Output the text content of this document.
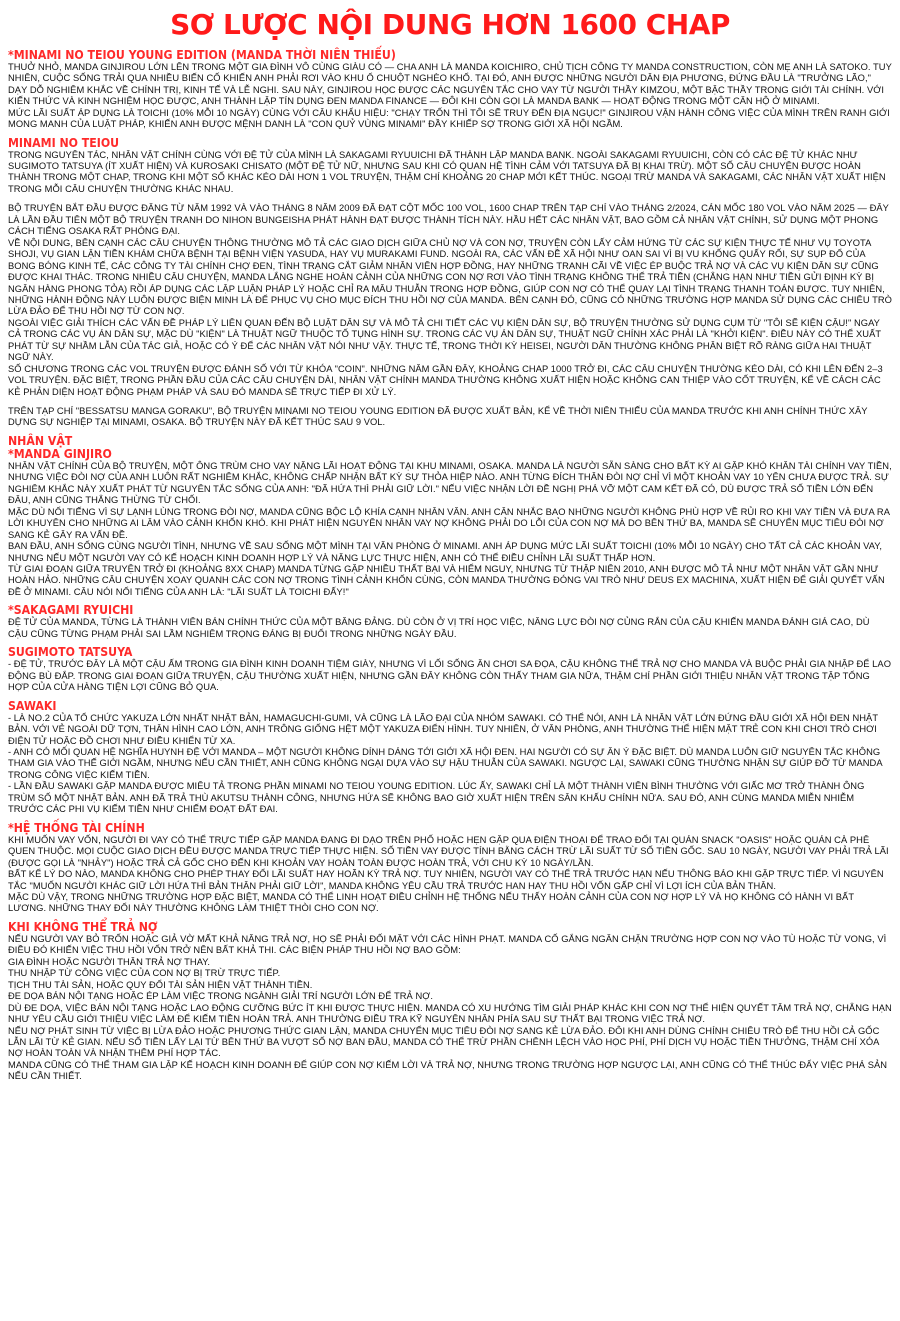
SƠ LƯỢC NỘI DUNG HƠN 1600 CHAP
*MINAMI NO TEIOU YOUNG EDITION (MANDA THỜI NIÊN THIẾU)

THUỞ NHỎ, MANDA GINJIROU LỚN LÊN TRONG MỘT GIA ĐÌNH VÔ CÙNG GIÀU CÓ — CHA ANH LÀ MANDA KOICHIRO, CHỦ TỊCH CÔNG TY MANDA CONSTRUCTION, CÒN MẸ ANH LÀ SATOKO. TUY NHIÊN, CUỘC SỐNG TRẢI QUA NHIỀU BIẾN CỐ KHIẾN ANH PHẢI RƠI VÀO KHU Ổ CHUỘT NGHÈO KHỔ. TẠI ĐÓ, ANH ĐƯỢC NHỮNG NGƯỜI DÂN ĐỊA PHƯƠNG, ĐỨNG ĐẦU LÀ "TRƯỞNG LÃO," DẠY DỖ NGHIÊM KHẮC VỀ CHÍNH TRỊ, KINH TẾ VÀ LỄ NGHI. SAU NÀY, GINJIROU HỌC ĐƯỢC CÁC NGUYÊN TẮC CHO VAY TỪ NGƯỜI THẦY KIMZOU, MỘT BẬC THẦY TRONG GIỚI TÀI CHÍNH. VỚI KIẾN THỨC VÀ KINH NGHIỆM HỌC ĐƯỢC, ANH THÀNH LẬP TÍN DỤNG ĐEN MANDA FINANCE — ĐÔI KHI CÒN GỌI LÀ MANDA BANK — HOẠT ĐỘNG TRONG MỘT CĂN HỘ Ở MINAMI.

MỨC LÃI SUẤT ÁP DỤNG LÀ TOICHI (10% MỖI 10 NGÀY) CÙNG VỚI CÂU KHẨU HIỆU: "CHẠY TRỐN THÌ TÔI SẼ TRUY ĐẾN ĐỊA NGỤC!" GINJIROU VẬN HÀNH CÔNG VIỆC CỦA MÌNH TRÊN RANH GIỚI MONG MANH CỦA LUẬT PHÁP, KHIẾN ANH ĐƯỢC MỆNH DANH LÀ "CON QUỶ VÙNG MINAMI" ĐẦY KHIẾP SỢ TRONG GIỚI XÃ HỘI NGẦM.

MINAMI NO TEIOU

TRONG NGUYÊN TÁC, NHÂN VẬT CHÍNH CÙNG VỚI ĐỆ TỬ CỦA MÌNH LÀ SAKAGAMI RYUUICHI ĐÃ THÀNH LẬP MANDA BANK. NGOÀI SAKAGAMI RYUUICHI, CÒN CÓ CÁC ĐỆ TỬ KHÁC NHƯ SUGIMOTO TATSUYA (ÍT XUẤT HIỆN) VÀ KUROSAKI CHISATO (MỘT ĐỆ TỬ NỮ, NHƯNG SAU KHI CÓ QUAN HỆ TÌNH CẢM VỚI TATSUYA ĐÃ BỊ KHAI TRỪ). MỘT SỐ CÂU CHUYỆN ĐƯỢC HOÀN THÀNH TRONG MỘT CHAP, TRONG KHI MỘT SỐ KHÁC KÉO DÀI HƠN 1 VOL TRUYỆN, THẬM CHÍ KHOẢNG 20 CHAP MỚI KẾT THÚC. NGOẠI TRỪ MANDA VÀ SAKAGAMI, CÁC NHÂN VẬT XUẤT HIỆN TRONG MỖI CÂU CHUYỆN THƯỜNG KHÁC NHAU.

BỘ TRUYỆN BẮT ĐẦU ĐƯỢC ĐĂNG TỪ NĂM 1992 VÀ VÀO THÁNG 8 NĂM 2009 ĐÃ ĐẠT CỘT MỐC 100 VOL, 1600 CHAP TRÊN TẠP CHÍ VÀO THÁNG 2/2024, CÁN MỐC 180 VOL VÀO NĂM 2025 — ĐÂY LÀ LẦN ĐẦU TIÊN MỘT BỘ TRUYỆN TRANH DO NIHON BUNGEISHA PHÁT HÀNH ĐẠT ĐƯỢC THÀNH TÍCH NÀY. HẦU HẾT CÁC NHÂN VẬT, BAO GỒM CẢ NHÂN VẬT CHÍNH, SỬ DỤNG MỘT PHONG CÁCH TIẾNG OSAKA RẤT PHÓNG ĐẠI.

VỀ NỘI DUNG, BÊN CẠNH CÁC CÂU CHUYỆN THÔNG THƯỜNG MÔ TẢ CÁC GIAO DỊCH GIỮA CHỦ NỢ VÀ CON NỢ, TRUYỆN CÒN LẤY CẢM HỨNG TỪ CÁC SỰ KIỆN THỰC TẾ NHƯ VỤ TOYOTA SHOJI, VỤ GIAN LẬN TIỀN KHÁM CHỮA BỆNH TẠI BỆNH VIỆN YASUDA, HAY VỤ MURAKAMI FUND. NGOÀI RA, CÁC VẤN ĐỀ XÃ HỘI NHƯ OAN SAI VÌ BỊ VU KHỐNG QUẤY RỐI, SỰ SỤP ĐỔ CỦA BONG BÓNG KINH TẾ, CÁC CÔNG TY TÀI CHÍNH CHỢ ĐEN, TÌNH TRẠNG CẮT GIẢM NHÂN VIÊN HỢP ĐỒNG, HAY NHỮNG TRANH CÃI VỀ VIỆC ÉP BUỘC TRẢ NỢ VÀ CÁC VỤ KIỆN DÂN SỰ CŨNG ĐƯỢC KHAI THÁC. TRONG NHIỀU CÂU CHUYỆN, MANDA LẮNG NGHE HOÀN CẢNH CỦA NHỮNG CON NỢ RƠI VÀO TÌNH TRẠNG KHÔNG THỂ TRẢ TIỀN (CHẲNG HẠN NHƯ TIỀN GỬI ĐỊNH KỲ BỊ NGÂN HÀNG PHONG TỎA) RỒI ÁP DỤNG CÁC LẬP LUẬN PHÁP LÝ HOẶC CHỈ RA MÂU THUẪN TRONG HỢP ĐỒNG, GIÚP CON NỢ CÓ THỂ QUAY LẠI TÌNH TRẠNG THANH TOÁN ĐƯỢC. TUY NHIÊN, NHỮNG HÀNH ĐỘNG NÀY LUÔN ĐƯỢC BIỆN MINH LÀ ĐỂ PHỤC VỤ CHO MỤC ĐÍCH THU HỒI NỢ CỦA MANDA. BÊN CẠNH ĐÓ, CŨNG CÓ NHỮNG TRƯỜNG HỢP MANDA SỬ DỤNG CÁC CHIÊU TRÒ LỪA ĐẢO ĐỂ THU HỒI NỢ TỪ CON NỢ.

NGOÀI VIỆC GIẢI THÍCH CÁC VẤN ĐỀ PHÁP LÝ LIÊN QUAN ĐẾN BỘ LUẬT DÂN SỰ VÀ MÔ TẢ CHI TIẾT CÁC VỤ KIỆN DÂN SỰ, BỘ TRUYỆN THƯỜNG SỬ DỤNG CỤM TỪ "TÔI SẼ KIỆN CẬU!" NGAY CẢ TRONG CÁC VỤ ÁN DÂN SỰ, MẶC DÙ "KIỆN" LÀ THUẬT NGỮ THUỘC TỐ TỤNG HÌNH SỰ. TRONG CÁC VỤ ÁN DÂN SỰ, THUẬT NGỮ CHÍNH XÁC PHẢI LÀ "KHỞI KIỆN". ĐIỀU NÀY CÓ THỂ XUẤT PHÁT TỪ SỰ NHẦM LẪN CỦA TÁC GIẢ, HOẶC CÓ Ý ĐỂ CÁC NHÂN VẬT NÓI NHƯ VẬY. THỰC TẾ, TRONG THỜI KỲ HEISEI, NGƯỜI DÂN THƯỜNG KHÔNG PHÂN BIỆT RÕ RÀNG GIỮA HAI THUẬT NGỮ NÀY.

SỐ CHƯƠNG TRONG CÁC VOL TRUYỆN ĐƯỢC ĐÁNH SỐ VỚI TỪ KHÓA "COIN". NHỮNG NĂM GẦN ĐÂY, KHOẢNG CHAP 1000 TRỞ ĐI, CÁC CÂU CHUYỆN THƯỜNG KÉO DÀI, CÓ KHI LÊN ĐẾN 2–3 VOL TRUYỆN. ĐẶC BIỆT, TRONG PHẦN ĐẦU CỦA CÁC CÂU CHUYỆN DÀI, NHÂN VẬT CHÍNH MANDA THƯỜNG KHÔNG XUẤT HIỆN HOẶC KHÔNG CAN THIỆP VÀO CỐT TRUYỆN, KỂ VỀ CÁCH CÁC KẺ PHẢN DIỆN HOẠT ĐỘNG PHẠM PHÁP VÀ SAU ĐÓ MANDA SẼ TRỰC TIẾP ĐI XỬ LÝ.

TRÊN TẠP CHÍ "BESSATSU MANGA GORAKU", BỘ TRUYỆN MINAMI NO TEIOU YOUNG EDITION ĐÃ ĐƯỢC XUẤT BẢN, KỂ VỀ THỜI NIÊN THIẾU CỦA MANDA TRƯỚC KHI ANH CHÍNH THỨC XÂY DỰNG SỰ NGHIỆP TẠI MINAMI, OSAKA. BỘ TRUYỆN NÀY ĐÃ KẾT THÚC SAU 9 VOL.

NHÂN VẬT
*MANDA GINJIRO

NHÂN VẬT CHÍNH CỦA BỘ TRUYỆN, MỘT ÔNG TRÙM CHO VAY NẶNG LÃI HOẠT ĐỘNG TẠI KHU MINAMI, OSAKA. MANDA LÀ NGƯỜI SẴN SÀNG CHO BẤT KỲ AI GẶP KHÓ KHĂN TÀI CHÍNH VAY TIỀN, NHƯNG VIỆC ĐÒI NỢ CỦA ANH LUÔN RẤT NGHIÊM KHẮC, KHÔNG CHẤP NHẬN BẤT KỲ SỰ THỎA HIỆP NÀO. ANH TỪNG ĐÍCH THÂN ĐÒI NỢ CHỈ VÌ MỘT KHOẢN VAY 10 YÊN CHƯA ĐƯỢC TRẢ. SỰ NGHIÊM KHẮC NÀY XUẤT PHÁT TỪ NGUYÊN TẮC SỐNG CỦA ANH: "ĐÃ HỨA THÌ PHẢI GIỮ LỜI." NẾU VIỆC NHẬN LỜI ĐỀ NGHỊ PHÁ VỠ MỘT CAM KẾT ĐÃ CÓ, DÙ ĐƯỢC TRẢ SỐ TIỀN LỚN ĐẾN ĐÂU, ANH CŨNG THẲNG THỪNG TỪ CHỐI.

MẶC DÙ NỔI TIẾNG VÌ SỰ LẠNH LÙNG TRONG ĐÒI NỢ, MANDA CŨNG BỘC LỘ KHÍA CẠNH NHÂN VĂN. ANH CÂN NHẮC BAO NHỮNG NGƯỜI KHÔNG PHÙ HỢP VỀ RỦI RO KHI VAY TIỀN VÀ ĐƯA RA LỜI KHUYÊN CHO NHỮNG AI LÂM VÀO CẢNH KHỐN KHÓ. KHI PHÁT HIỆN NGUYÊN NHÂN VAY NỢ KHÔNG PHẢI DO LỖI CỦA CON NỢ MÀ DO BÊN THỨ BA, MANDA SẼ CHUYỂN MỤC TIÊU ĐÒI NỢ SANG KẺ GÂY RA VẤN ĐỀ.

BAN ĐẦU, ANH SỐNG CÙNG NGƯỜI TÌNH, NHƯNG VỀ SAU SỐNG MỘT MÌNH TẠI VĂN PHÒNG Ở MINAMI. ANH ÁP DỤNG MỨC LÃI SUẤT TOICHI (10% MỖI 10 NGÀY) CHO TẤT CẢ CÁC KHOẢN VAY, NHƯNG NẾU MỘT NGƯỜI VAY CÓ KẾ HOẠCH KINH DOANH HỢP LÝ VÀ NĂNG LỰC THỰC HIỆN, ANH CÓ THỂ ĐIỀU CHỈNH LÃI SUẤT THẤP HƠN.

TỪ GIAI ĐOẠN GIỮA TRUYỆN TRỞ ĐI (KHOẢNG 8XX CHAP) MANDA TỪNG GẶP NHIỀU THẤT BẠI VÀ HIỂM NGUY, NHƯNG TỪ THẬP NIÊN 2010, ANH ĐƯỢC MÔ TẢ NHƯ MỘT NHÂN VẬT GẦN NHƯ HOÀN HẢO. NHỮNG CÂU CHUYỆN XOAY QUANH CÁC CON NỢ TRONG TÌNH CẢNH KHỐN CÙNG, CÒN MANDA THƯỜNG ĐÓNG VAI TRÒ NHƯ DEUS EX MACHINA, XUẤT HIỆN ĐỂ GIẢI QUYẾT VẤN ĐỀ Ở MINAMI. CÂU NÓI NỔI TIẾNG CỦA ANH LÀ: "LÃI SUẤT LÀ TOICHI ĐẤY!"

*SAKAGAMI RYUICHI

ĐỆ TỬ CỦA MANDA, TỪNG LÀ THÀNH VIÊN BÁN CHÍNH THỨC CỦA MỘT BĂNG ĐẢNG. DÙ CÒN Ở VỊ TRÍ HỌC VIỆC, NĂNG LỰC ĐÒI NỢ CỦNG RẮN CỦA CẬU KHIẾN MANDA ĐÁNH GIÁ CAO, DÙ CẬU CŨNG TỪNG PHẠM PHẢI SAI LẦM NGHIÊM TRỌNG ĐÁNG BỊ ĐUỔI TRONG NHỮNG NGÀY ĐẦU.

SUGIMOTO TATSUYA

- ĐỆ TỬ, TRƯỚC ĐÂY LÀ MỘT CẬU ẤM TRONG GIA ĐÌNH KINH DOANH TIỆM GIÀY, NHƯNG VÌ LỐI SỐNG ĂN CHƠI SA ĐỌA, CẬU KHÔNG THỂ TRẢ NỢ CHO MANDA VÀ BUỘC PHẢI GIA NHẬP ĐỂ LAO ĐỘNG BÙ ĐẮP. TRONG GIAI ĐOẠN GIỮA TRUYỆN, CẬU THƯỜNG XUẤT HIỆN, NHƯNG GẦN ĐÂY KHÔNG CÒN THẤY THAM GIA NỮA, THẬM CHÍ PHẦN GIỚI THIỆU NHÂN VẬT TRONG TẬP TỔNG HỢP CỦA CỬA HÀNG TIỆN LỢI CŨNG BỎ QUA.

SAWAKI

- LÀ NO.2 CỦA TỔ CHỨC YAKUZA LỚN NHẤT NHẬT BẢN, HAMAGUCHI-GUMI, VÀ CŨNG LÀ LÃO ĐẠI CỦA NHÓM SAWAKI. CÓ THỂ NÓI, ANH LÀ NHÂN VẬT LỚN ĐỨNG ĐẦU GIỚI XÃ HỘI ĐEN NHẬT BẢN. VỚI VẺ NGOÀI DỮ TỢN, THÂN HÌNH CAO LỚN, ANH TRÔNG GIỐNG HỆT MỘT YAKUZA ĐIỂN HÌNH. TUY NHIÊN, Ở VĂN PHÒNG, ANH THƯỜNG THỂ HIỆN MẶT TRẺ CON KHI CHƠI TRÒ CHƠI ĐIỆN TỬ HOẶC ĐỒ CHƠI NHƯ ĐIỀU KHIỂN TỪ XA.

- ANH CÓ MỐI QUAN HỆ NGHĨA HUYNH ĐỆ VỚI MANDA – MỘT NGƯỜI KHÔNG DÍNH DÁNG TỚI GIỚI XÃ HỘI ĐEN. HAI NGƯỜI CÓ SỰ ĂN Ý ĐẶC BIỆT. DÙ MANDA LUÔN GIỮ NGUYÊN TẮC KHÔNG THAM GIA VÀO THẾ GIỚI NGẦM, NHƯNG NẾU CẦN THIẾT, ANH CŨNG KHÔNG NGẠI DỰA VÀO SỰ HẬU THUẪN CỦA SAWAKI. NGƯỢC LẠI, SAWAKI CŨNG THƯỜNG NHẬN SỰ GIÚP ĐỠ TỪ MANDA TRONG CÔNG VIỆC KIẾM TIỀN.

- LẦN ĐẦU SAWAKI GẶP MANDA ĐƯỢC MIÊU TẢ TRONG PHẦN MINAMI NO TEIOU YOUNG EDITION. LÚC ẤY, SAWAKI CHỈ LÀ MỘT THÀNH VIÊN BÌNH THƯỜNG VỚI GIẤC MƠ TRỞ THÀNH ÔNG TRÙM SỐ MỘT NHẬT BẢN. ANH ĐÃ TRẢ THÙ AKUTSU THÀNH CÔNG, NHƯNG HỨA SẼ KHÔNG BAO GIỜ XUẤT HIỆN TRÊN SÂN KHẤU CHÍNH NỮA. SAU ĐÓ, ANH CÙNG MANDA MIỄN NHIỄM TRƯỚC CÁC PHI VỤ KIẾM TIỀN NHƯ CHIẾM ĐOẠT ĐẤT ĐAI.

*HỆ THỐNG TÀI CHÍNH

KHI MUỐN VAY VỐN, NGƯỜI ĐI VAY CÓ THỂ TRỰC TIẾP GẶP MANDA ĐANG ĐI DẠO TRÊN PHỐ HOẶC HẸN GẶP QUA ĐIỆN THOẠI ĐỂ TRAO ĐỔI TẠI QUÁN SNACK "OASIS" HOẶC QUÁN CÀ PHÊ QUEN THUỘC. MỌI CUỘC GIAO DỊCH ĐỀU ĐƯỢC MANDA TRỰC TIẾP THỰC HIỆN. SỐ TIỀN VAY ĐƯỢC TÍNH BẰNG CÁCH TRỪ LÃI SUẤT TỪ SỐ TIỀN GỐC. SAU 10 NGÀY, NGƯỜI VAY PHẢI TRẢ LÃI (ĐƯỢC GỌI LÀ "NHẢY") HOẶC TRẢ CẢ GỐC CHO ĐẾN KHI KHOẢN VAY HOÀN TOÀN ĐƯỢC HOÀN TRẢ, VỚI CHU KỲ 10 NGÀY/LẦN.

BẤT KỂ LÝ DO NÀO, MANDA KHÔNG CHO PHÉP THAY ĐỔI LÃI SUẤT HAY HOÃN KỲ TRẢ NỢ. TUY NHIÊN, NGƯỜI VAY CÓ THỂ TRẢ TRƯỚC HẠN NẾU THÔNG BÁO KHI GẶP TRỰC TIẾP. VÌ NGUYÊN TẮC "MUỐN NGƯỜI KHÁC GIỮ LỜI HỨA THÌ BẢN THÂN PHẢI GIỮ LỜI", MANDA KHÔNG YÊU CẦU TRẢ TRƯỚC HAN HAY THU HỒI VỐN GẤP CHỈ VÌ LỢI ÍCH CỦA BẢN THÂN.

MẶC DÙ VẬY, TRONG NHỮNG TRƯỜNG HỢP ĐẶC BIỆT, MANDA CÓ THỂ LINH HOẠT ĐIỀU CHỈNH HỆ THỐNG NẾU THẤY HOÀN CẢNH CỦA CON NỢ HỢP LÝ VÀ HỌ KHÔNG CÓ HÀNH VI BẤT LƯƠNG. NHỮNG THAY ĐỔI NÀY THƯỜNG KHÔNG LÀM THIỆT THÒI CHO CON NỢ.

KHI KHÔNG THỂ TRẢ NỢ

NẾU NGƯỜI VAY BỎ TRỐN HOẶC GIẢ VỜ MẤT KHẢ NĂNG TRẢ NỢ, HỌ SẼ PHẢI ĐỐI MẶT VỚI CÁC HÌNH PHẠT. MANDA CỐ GẮNG NGĂN CHẶN TRƯỜNG HỢP CON NỢ VÀO TÙ HOẶC TỪ VONG, VÌ ĐIỀU ĐÓ KHIẾN VIỆC THU HỒI VỐN TRỞ NÊN BẤT KHẢ THI. CÁC BIỆN PHÁP THU HỒI NỢ BAO GỒM:

GIA ĐÌNH HOẶC NGƯỜI THÂN TRẢ NỢ THAY.

THU NHẬP TỪ CÔNG VIỆC CỦA CON NỢ BỊ TRỪ TRỰC TIẾP.

TỊCH THU TÀI SẢN, HOẶC QUY ĐỔI TÀI SẢN HIỆN VẬT THÀNH TIỀN.

ĐE DỌA BÁN NỘI TẠNG HOẶC ÉP LÀM VIỆC TRONG NGÀNH GIẢI TRÍ NGƯỜI LỚN ĐỂ TRẢ NỢ.

DÙ ĐE DỌA, VIỆC BÁN NỘI TẠNG HOẶC LAO ĐỘNG CƯỠNG BỨC ÍT KHI ĐƯỢC THỰC HIỆN. MANDA CÓ XU HƯỚNG TÌM GIẢI PHÁP KHÁC KHI CON NỢ THỂ HIỆN QUYẾT TÂM TRẢ NỢ, CHẲNG HẠN NHƯ YÊU CẦU GIỚI THIỆU VIỆC LÀM ĐỂ KIẾM TIỀN HOÀN TRẢ. ANH THƯỜNG ĐIỀU TRA KỸ NGUYÊN NHÂN PHÍA SAU SỰ THẤT BẠI TRONG VIỆC TRẢ NỢ.

NẾU NỢ PHÁT SINH TỪ VIỆC BỊ LỪA ĐẢO HOẶC PHƯƠNG THỨC GIAN LẬN, MANDA CHUYỂN MỤC TIÊU ĐÒI NỢ SANG KẺ LỪA ĐẢO. ĐÔI KHI ANH DÙNG CHÍNH CHIÊU TRÒ ĐỂ THU HỒI CẢ GỐC LẪN LÃI TỪ KẺ GIAN. NẾU SỐ TIỀN LẤY LẠI TỪ BÊN THỨ BA VƯỢT SỐ NỢ BAN ĐẦU, MANDA CÓ THỂ TRỪ PHẦN CHÊNH LỆCH VÀO HỌC PHÍ, PHÍ DỊCH VỤ HOẶC TIỀN THƯỞNG, THẬM CHÍ XÓA NỢ HOÀN TOÀN VÀ NHẬN THÊM PHÍ HỢP TÁC.

MANDA CŨNG CÓ THỂ THAM GIA LẬP KẾ HOẠCH KINH DOANH ĐỂ GIÚP CON NỢ KIẾM LỜI VÀ TRẢ NỢ, NHƯNG TRONG TRƯỜNG HỢP NGƯỢC LẠI, ANH CŨNG CÓ THỂ THÚC ĐẨY VIỆC PHÁ SẢN NẾU CẦN THIẾT.
